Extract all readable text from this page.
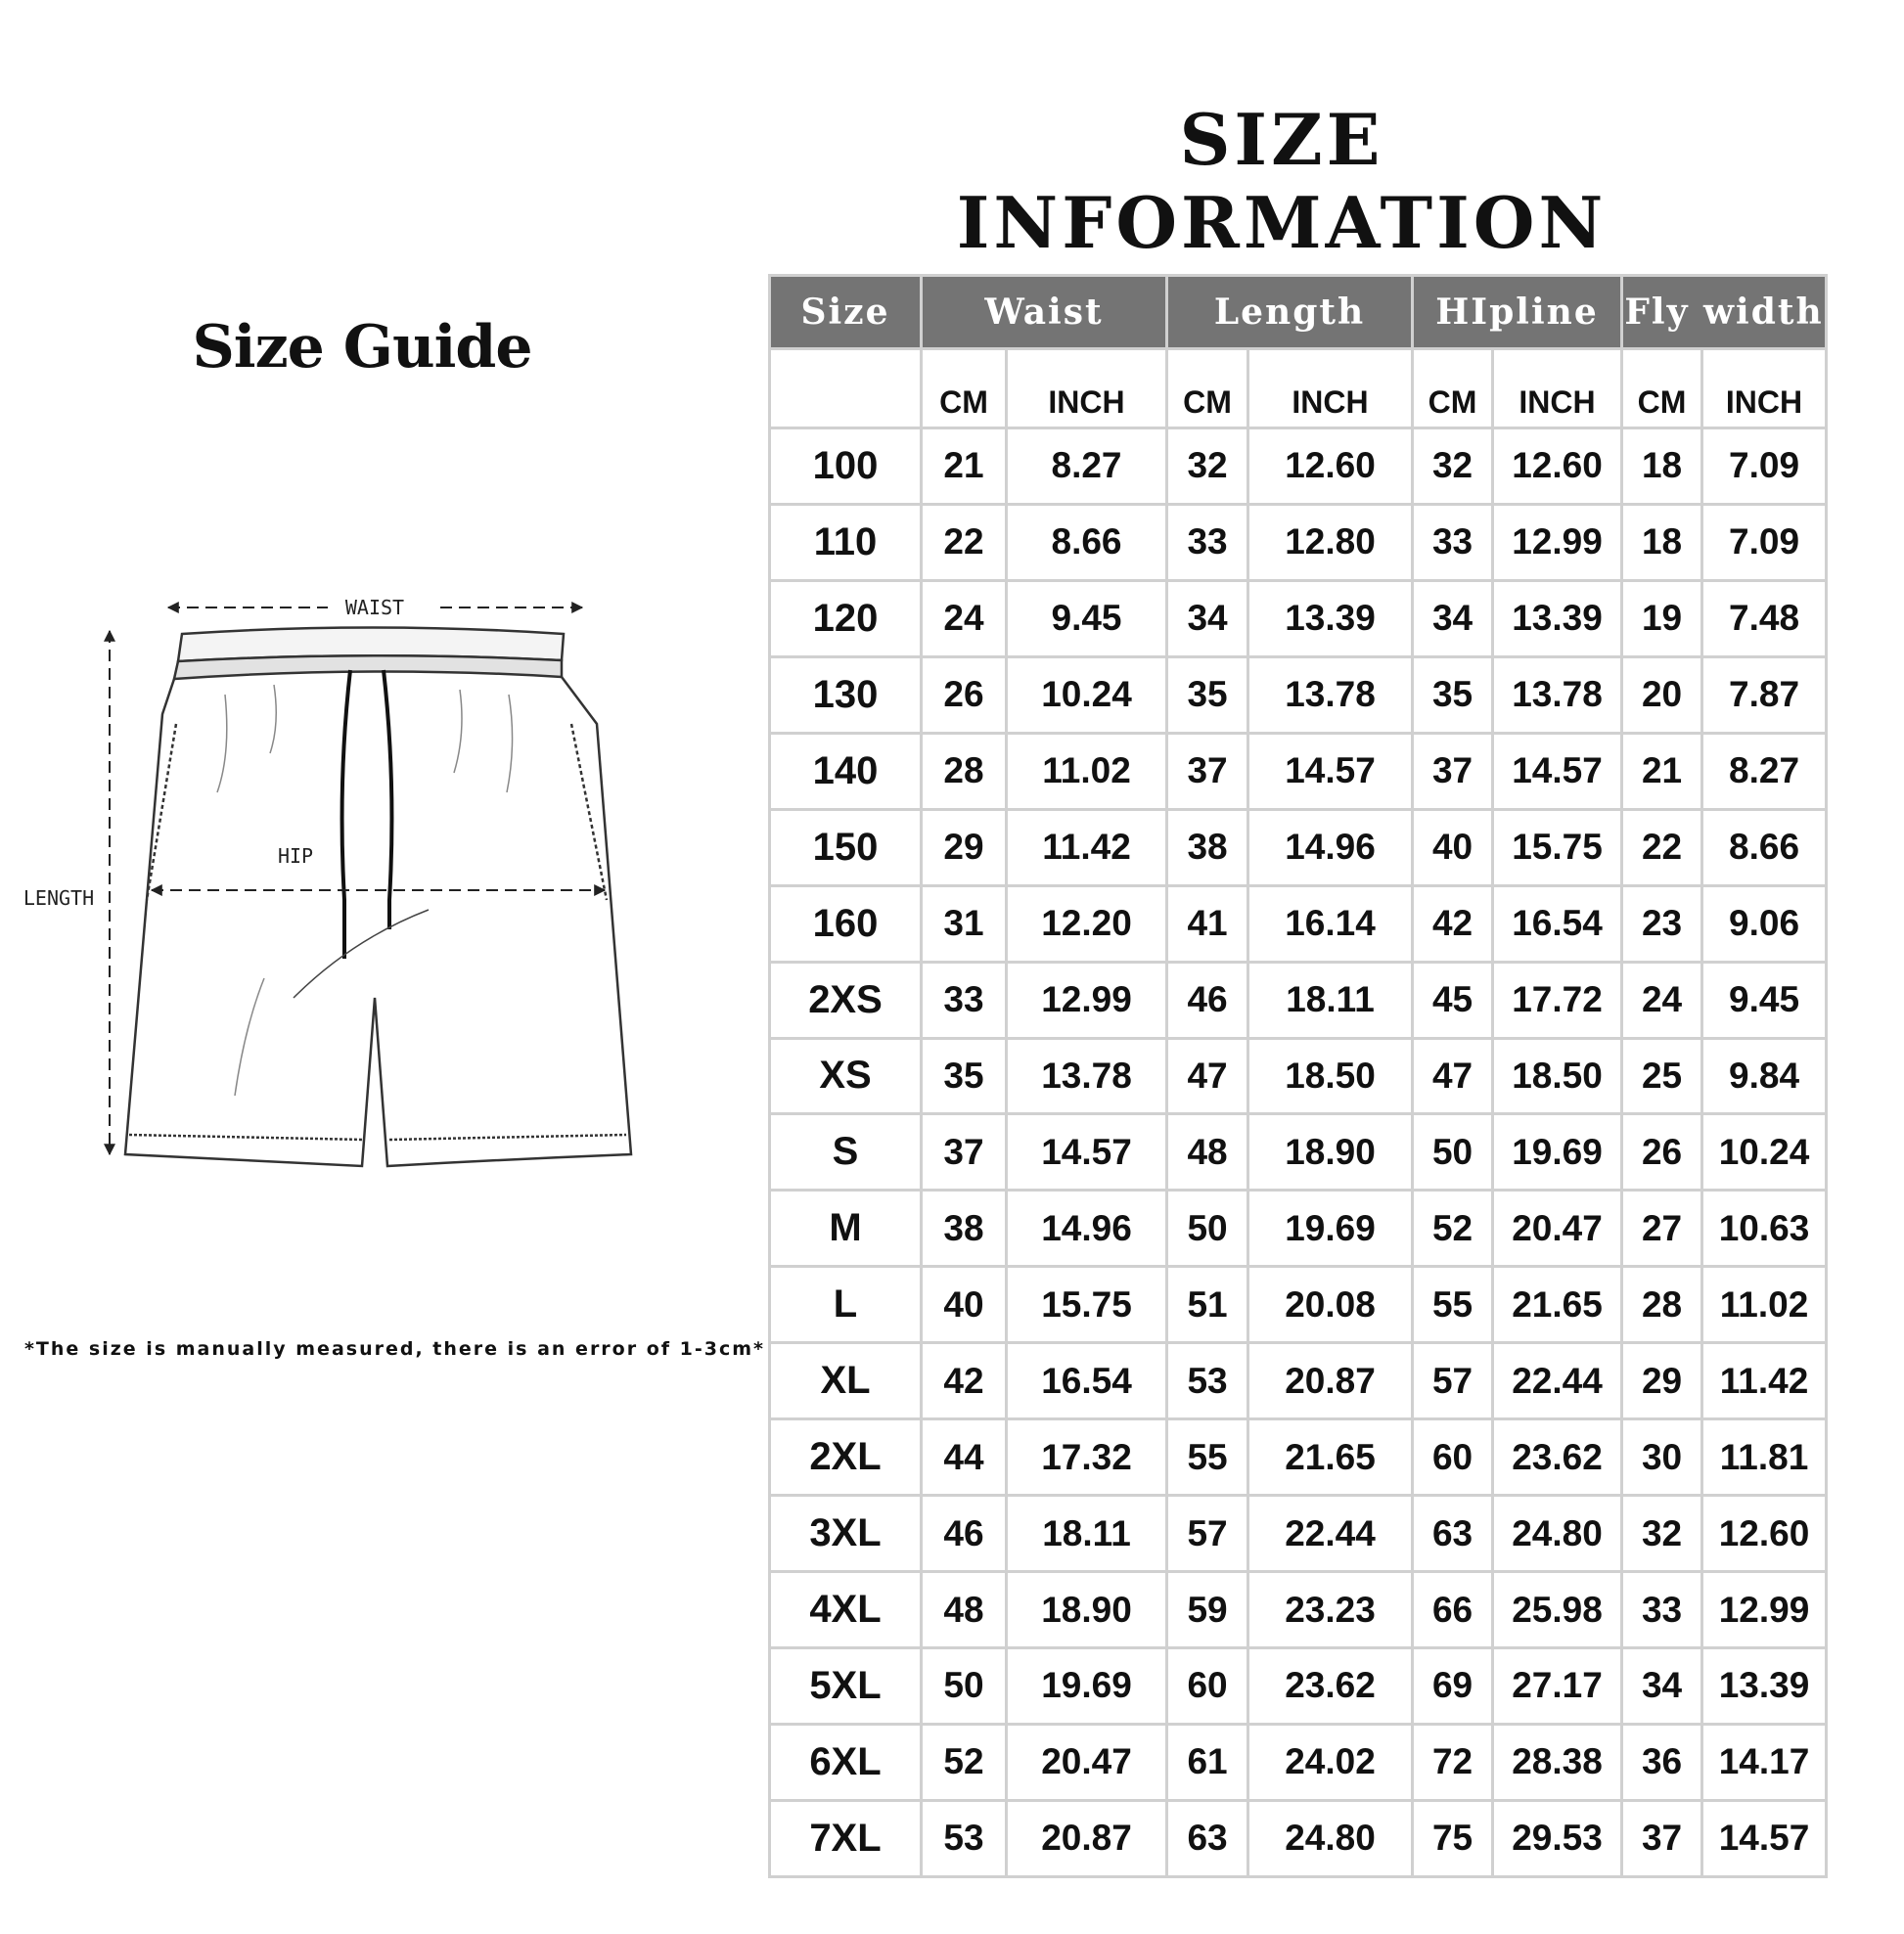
SIZE INFORMATION
Size Guide
WAIST
LENGTH
HIP
*The size is manually measured, there is an error of 1-3cm*
Size	Waist		Length		HIpline		Fly width	
	CM	INCH	CM	INCH	CM	INCH	CM	INCH
100	21	8.27	32	12.60	32	12.60	18	7.09
110	22	8.66	33	12.80	33	12.99	18	7.09
120	24	9.45	34	13.39	34	13.39	19	7.48
130	26	10.24	35	13.78	35	13.78	20	7.87
140	28	11.02	37	14.57	37	14.57	21	8.27
150	29	11.42	38	14.96	40	15.75	22	8.66
160	31	12.20	41	16.14	42	16.54	23	9.06
2XS	33	12.99	46	18.11	45	17.72	24	9.45
XS	35	13.78	47	18.50	47	18.50	25	9.84
S	37	14.57	48	18.90	50	19.69	26	10.24
M	38	14.96	50	19.69	52	20.47	27	10.63
L	40	15.75	51	20.08	55	21.65	28	11.02
XL	42	16.54	53	20.87	57	22.44	29	11.42
2XL	44	17.32	55	21.65	60	23.62	30	11.81
3XL	46	18.11	57	22.44	63	24.80	32	12.60
4XL	48	18.90	59	23.23	66	25.98	33	12.99
5XL	50	19.69	60	23.62	69	27.17	34	13.39
6XL	52	20.47	61	24.02	72	28.38	36	14.17
7XL	53	20.87	63	24.80	75	29.53	37	14.57
